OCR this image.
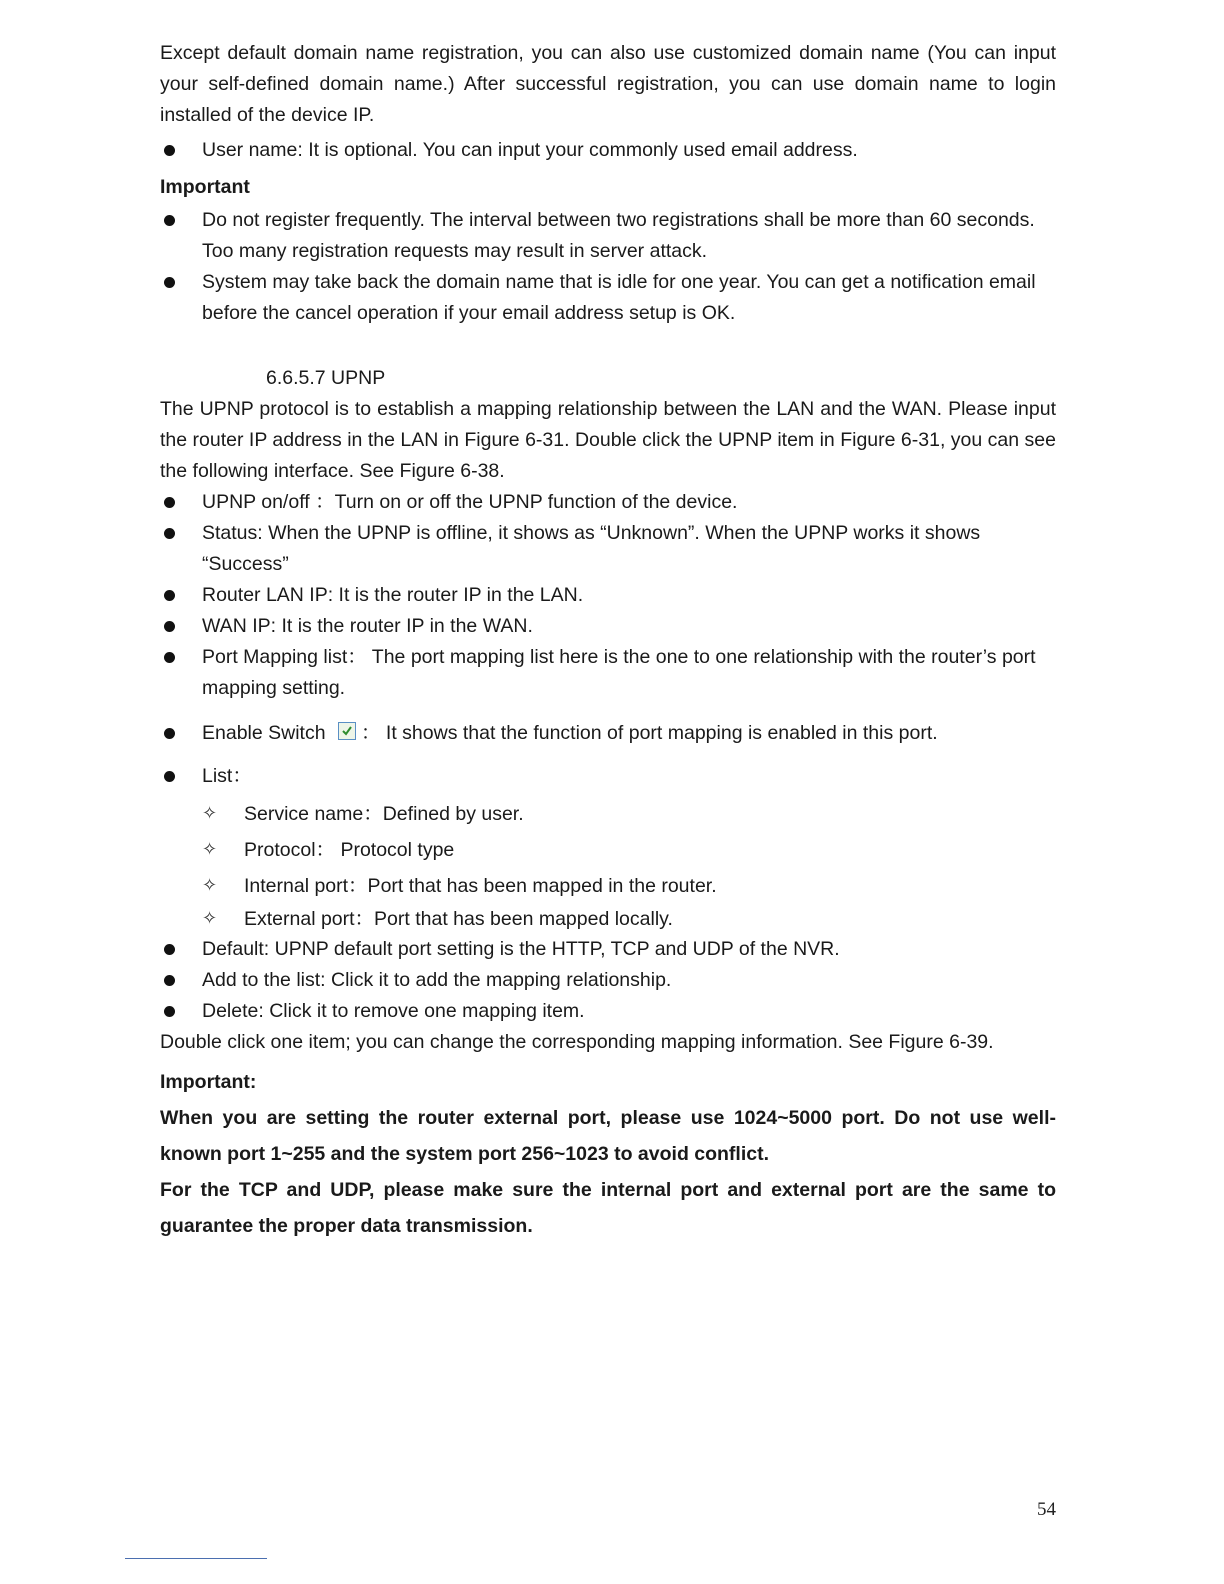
Except default domain name registration, you can also use customized domain name (You can input your self-defined domain name.) After successful registration, you can use domain name to login installed of the device IP.

User name: It is optional. You can input your commonly used email address.

Important

Do not register frequently. The interval between two registrations shall be more than 60 seconds. Too many registration requests may result in server attack.

System may take back the domain name that is idle for one year. You can get a notification email before the cancel operation if your email address setup is OK.

6.6.5.7 UPNP

The UPNP protocol is to establish a mapping relationship between the LAN and the WAN. Please input the router IP address in the LAN in Figure 6-31. Double click the UPNP item in Figure 6-31, you can see the following interface. See Figure 6-38.

UPNP on/off ：Turn on or off the UPNP function of the device.

Status: When the UPNP is offline, it shows as “Unknown”. When the UPNP works it shows “Success”

Router LAN IP: It is the router IP in the LAN.

WAN IP: It is the router IP in the WAN.

Port Mapping list： The port mapping list here is the one to one relationship with the router’s port mapping setting.

Enable Switch ： It shows that the function of port mapping is enabled in this port.

List：

✧ Service name：Defined by user.

✧ Protocol： Protocol type

✧ Internal port：Port that has been mapped in the router.

✧ External port：Port that has been mapped locally.

Default: UPNP default port setting is the HTTP, TCP and UDP of the NVR.

Add to the list: Click it to add the mapping relationship.

Delete: Click it to remove one mapping item.

Double click one item; you can change the corresponding mapping information. See Figure 6-39.

Important:

When you are setting the router external port, please use 1024~5000 port. Do not use well-known port 1~255 and the system port 256~1023 to avoid conflict.

For the TCP and UDP, please make sure the internal port and external port are the same to guarantee the proper data transmission.

54
